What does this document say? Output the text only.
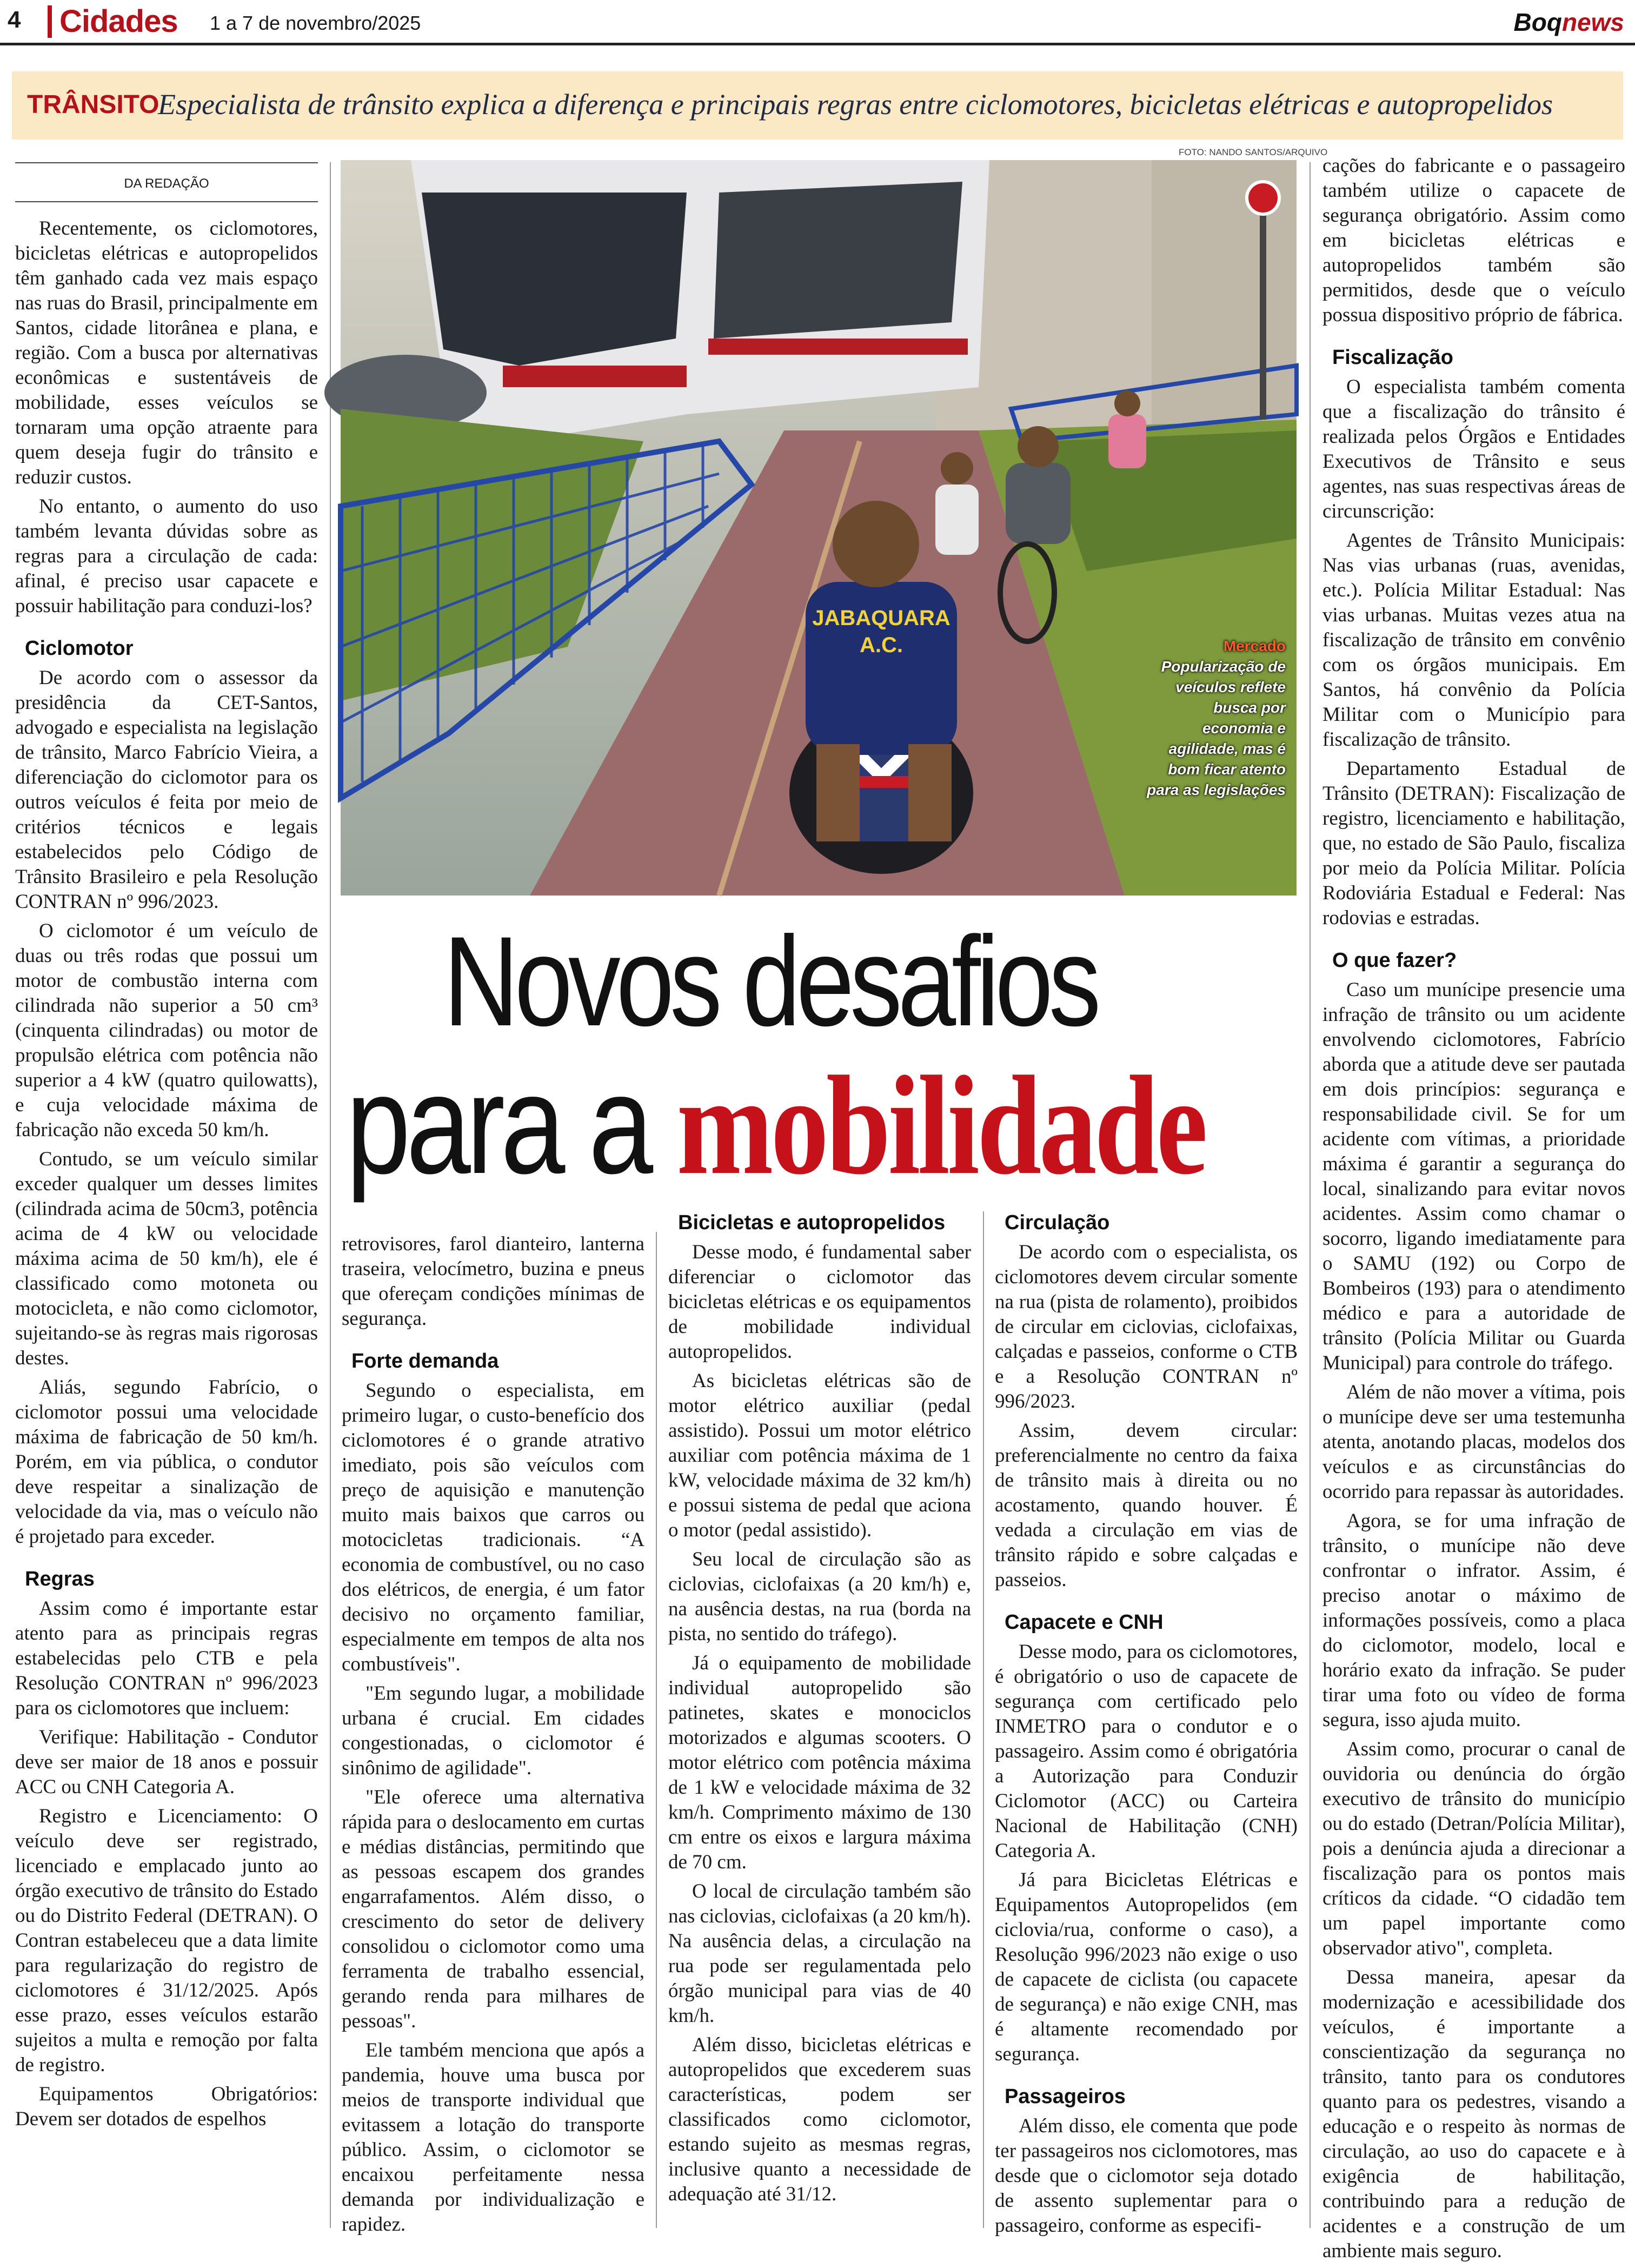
4 Cidades 1 a 7 de novembro/2025	Boqnews
TRÂNSITO
Especialista de trânsito explica a diferença e principais regras entre ciclomotores, bicicletas elétricas e autopropelidos
DA REDAÇÃO

Recentemente, os ciclomotores, bicicletas elétricas e autopropelidos têm ganhado cada vez mais espaço nas ruas do Brasil, principalmente em Santos, cidade litorânea e plana, e região. Com a busca por alternativas econômicas e sustentáveis de mobilidade, esses veículos se tornaram uma opção atraente para quem deseja fugir do trânsito e reduzir custos.

No entanto, o aumento do uso também levanta dúvidas sobre as regras para a circulação de cada: afinal, é preciso usar capacete e possuir habilitação para conduzi-los?

Ciclomotor

De acordo com o assessor da presidência da CET-Santos, advogado e especialista na legislação de trânsito, Marco Fabrício Vieira, a diferenciação do ciclomotor para os outros veículos é feita por meio de critérios técnicos e legais estabelecidos pelo Código de Trânsito Brasileiro e pela Resolução CONTRAN nº 996/2023.

O ciclomotor é um veículo de duas ou três rodas que possui um motor de combustão interna com cilindrada não superior a 50 cm³ (cinquenta cilindradas) ou motor de propulsão elétrica com potência não superior a 4 kW (quatro quilowatts), e cuja velocidade máxima de fabricação não exceda 50 km/h.

Contudo, se um veículo similar exceder qualquer um desses limites (cilindrada acima de 50cm3, potência acima de 4 kW ou velocidade máxima acima de 50 km/h), ele é classificado como motoneta ou motocicleta, e não como ciclomotor, sujeitando-se às regras mais rigorosas destes.

Aliás, segundo Fabrício, o ciclomotor possui uma velocidade máxima de fabricação de 50 km/h. Porém, em via pública, o condutor deve respeitar a sinalização de velocidade da via, mas o veículo não é projetado para exceder.

Regras

Assim como é importante estar atento para as principais regras estabelecidas pelo CTB e pela Resolução CONTRAN nº 996/2023 para os ciclomotores que incluem:

Verifique: Habilitação - Condutor deve ser maior de 18 anos e possuir ACC ou CNH Categoria A.

Registro e Licenciamento: O veículo deve ser registrado, licenciado e emplacado junto ao órgão executivo de trânsito do Estado ou do Distrito Federal (DETRAN). O Contran estabeleceu que a data limite para regularização do registro de ciclomotores é 31/12/2025. Após esse prazo, esses veículos estarão sujeitos a multa e remoção por falta de registro.

Equipamentos Obrigatórios: Devem ser dotados de espelhos

FOTO: NANDO SANTOS/ARQUIVO
JABAQUARA
A.C.	Mercado
Popularização de veículos reflete busca por economia e agilidade, mas é bom ficar atento para as legislações
Novos desafios
para a mobilidade

retrovisores, farol dianteiro, lanterna traseira, velocímetro, buzina e pneus que ofereçam condições mínimas de segurança.

Forte demanda

Segundo o especialista, em primeiro lugar, o custo-benefício dos ciclomotores é o grande atrativo imediato, pois são veículos com preço de aquisição e manutenção muito mais baixos que carros ou motocicletas tradicionais. “A economia de combustível, ou no caso dos elétricos, de energia, é um fator decisivo no orçamento familiar, especialmente em tempos de alta nos combustíveis".

"Em segundo lugar, a mobilidade urbana é crucial. Em cidades congestionadas, o ciclomotor é sinônimo de agilidade".

"Ele oferece uma alternativa rápida para o deslocamento em curtas e médias distâncias, permitindo que as pessoas escapem dos grandes engarrafamentos. Além disso, o crescimento do setor de delivery consolidou o ciclomotor como uma ferramenta de trabalho essencial, gerando renda para milhares de pessoas".

Ele também menciona que após a pandemia, houve uma busca por meios de transporte individual que evitassem a lotação do transporte público. Assim, o ciclomotor se encaixou perfeitamente nessa demanda por individualização e rapidez.

Bicicletas e autopropelidos

Desse modo, é fundamental saber diferenciar o ciclomotor das bicicletas elétricas e os equipamentos de mobilidade individual autopropelidos.

As bicicletas elétricas são de motor elétrico auxiliar (pedal assistido). Possui um motor elétrico auxiliar com potência máxima de 1 kW, velocidade máxima de 32 km/h) e possui sistema de pedal que aciona o motor (pedal assistido).

Seu local de circulação são as ciclovias, ciclofaixas (a 20 km/h) e, na ausência destas, na rua (borda na pista, no sentido do tráfego).

Já o equipamento de mobilidade individual autopropelido são patinetes, skates e monociclos motorizados e algumas scooters. O motor elétrico com potência máxima de 1 kW e velocidade máxima de 32 km/h. Comprimento máximo de 130 cm entre os eixos e largura máxima de 70 cm.

O local de circulação também são nas ciclovias, ciclofaixas (a 20 km/h). Na ausência delas, a circulação na rua pode ser regulamentada pelo órgão municipal para vias de 40 km/h.

Além disso, bicicletas elétricas e autopropelidos que excederem suas características, podem ser classificados como ciclomotor, estando sujeito as mesmas regras, inclusive quanto a necessidade de adequação até 31/12.

Circulação

De acordo com o especialista, os ciclomotores devem circular somente na rua (pista de rolamento), proibidos de circular em ciclovias, ciclofaixas, calçadas e passeios, conforme o CTB e a Resolução CONTRAN nº 996/2023.

Assim, devem circular: preferencialmente no centro da faixa de trânsito mais à direita ou no acostamento, quando houver. É vedada a circulação em vias de trânsito rápido e sobre calçadas e passeios.

Capacete e CNH

Desse modo, para os ciclomotores, é obrigatório o uso de capacete de segurança com certificado pelo INMETRO para o condutor e o passageiro. Assim como é obrigatória a Autorização para Conduzir Ciclomotor (ACC) ou Carteira Nacional de Habilitação (CNH) Categoria A.

Já para Bicicletas Elétricas e Equipamentos Autopropelidos (em ciclovia/rua, conforme o caso), a Resolução 996/2023 não exige o uso de capacete de ciclista (ou capacete de segurança) e não exige CNH, mas é altamente recomendado por segurança.

Passageiros

Além disso, ele comenta que pode ter passageiros nos ciclomotores, mas desde que o ciclomotor seja dotado de assento suplementar para o passageiro, conforme as especifi-

cações do fabricante e o passageiro também utilize o capacete de segurança obrigatório. Assim como em bicicletas elétricas e autopropelidos também são permitidos, desde que o veículo possua dispositivo próprio de fábrica.

Fiscalização

O especialista também comenta que a fiscalização do trânsito é realizada pelos Órgãos e Entidades Executivos de Trânsito e seus agentes, nas suas respectivas áreas de circunscrição:

Agentes de Trânsito Municipais: Nas vias urbanas (ruas, avenidas, etc.). Polícia Militar Estadual: Nas vias urbanas. Muitas vezes atua na fiscalização de trânsito em convênio com os órgãos municipais. Em Santos, há convênio da Polícia Militar com o Município para fiscalização de trânsito.

Departamento Estadual de Trânsito (DETRAN): Fiscalização de registro, licenciamento e habilitação, que, no estado de São Paulo, fiscaliza por meio da Polícia Militar. Polícia Rodoviária Estadual e Federal: Nas rodovias e estradas.

O que fazer?

Caso um munícipe presencie uma infração de trânsito ou um acidente envolvendo ciclomotores, Fabrício aborda que a atitude deve ser pautada em dois princípios: segurança e responsabilidade civil. Se for um acidente com vítimas, a prioridade máxima é garantir a segurança do local, sinalizando para evitar novos acidentes. Assim como chamar o socorro, ligando imediatamente para o SAMU (192) ou Corpo de Bombeiros (193) para o atendimento médico e para a autoridade de trânsito (Polícia Militar ou Guarda Municipal) para controle do tráfego.

Além de não mover a vítima, pois o munícipe deve ser uma testemunha atenta, anotando placas, modelos dos veículos e as circunstâncias do ocorrido para repassar às autoridades.

Agora, se for uma infração de trânsito, o munícipe não deve confrontar o infrator. Assim, é preciso anotar o máximo de informações possíveis, como a placa do ciclomotor, modelo, local e horário exato da infração. Se puder tirar uma foto ou vídeo de forma segura, isso ajuda muito.

Assim como, procurar o canal de ouvidoria ou denúncia do órgão executivo de trânsito do município ou do estado (Detran/Polícia Militar), pois a denúncia ajuda a direcionar a fiscalização para os pontos mais críticos da cidade. “O cidadão tem um papel importante como observador ativo", completa.

Dessa maneira, apesar da modernização e acessibilidade dos veículos, é importante a conscientização da segurança no trânsito, tanto para os condutores quanto para os pedestres, visando a educação e o respeito às normas de circulação, ao uso do capacete e à exigência de habilitação, contribuindo para a redução de acidentes e a construção de um ambiente mais seguro.
